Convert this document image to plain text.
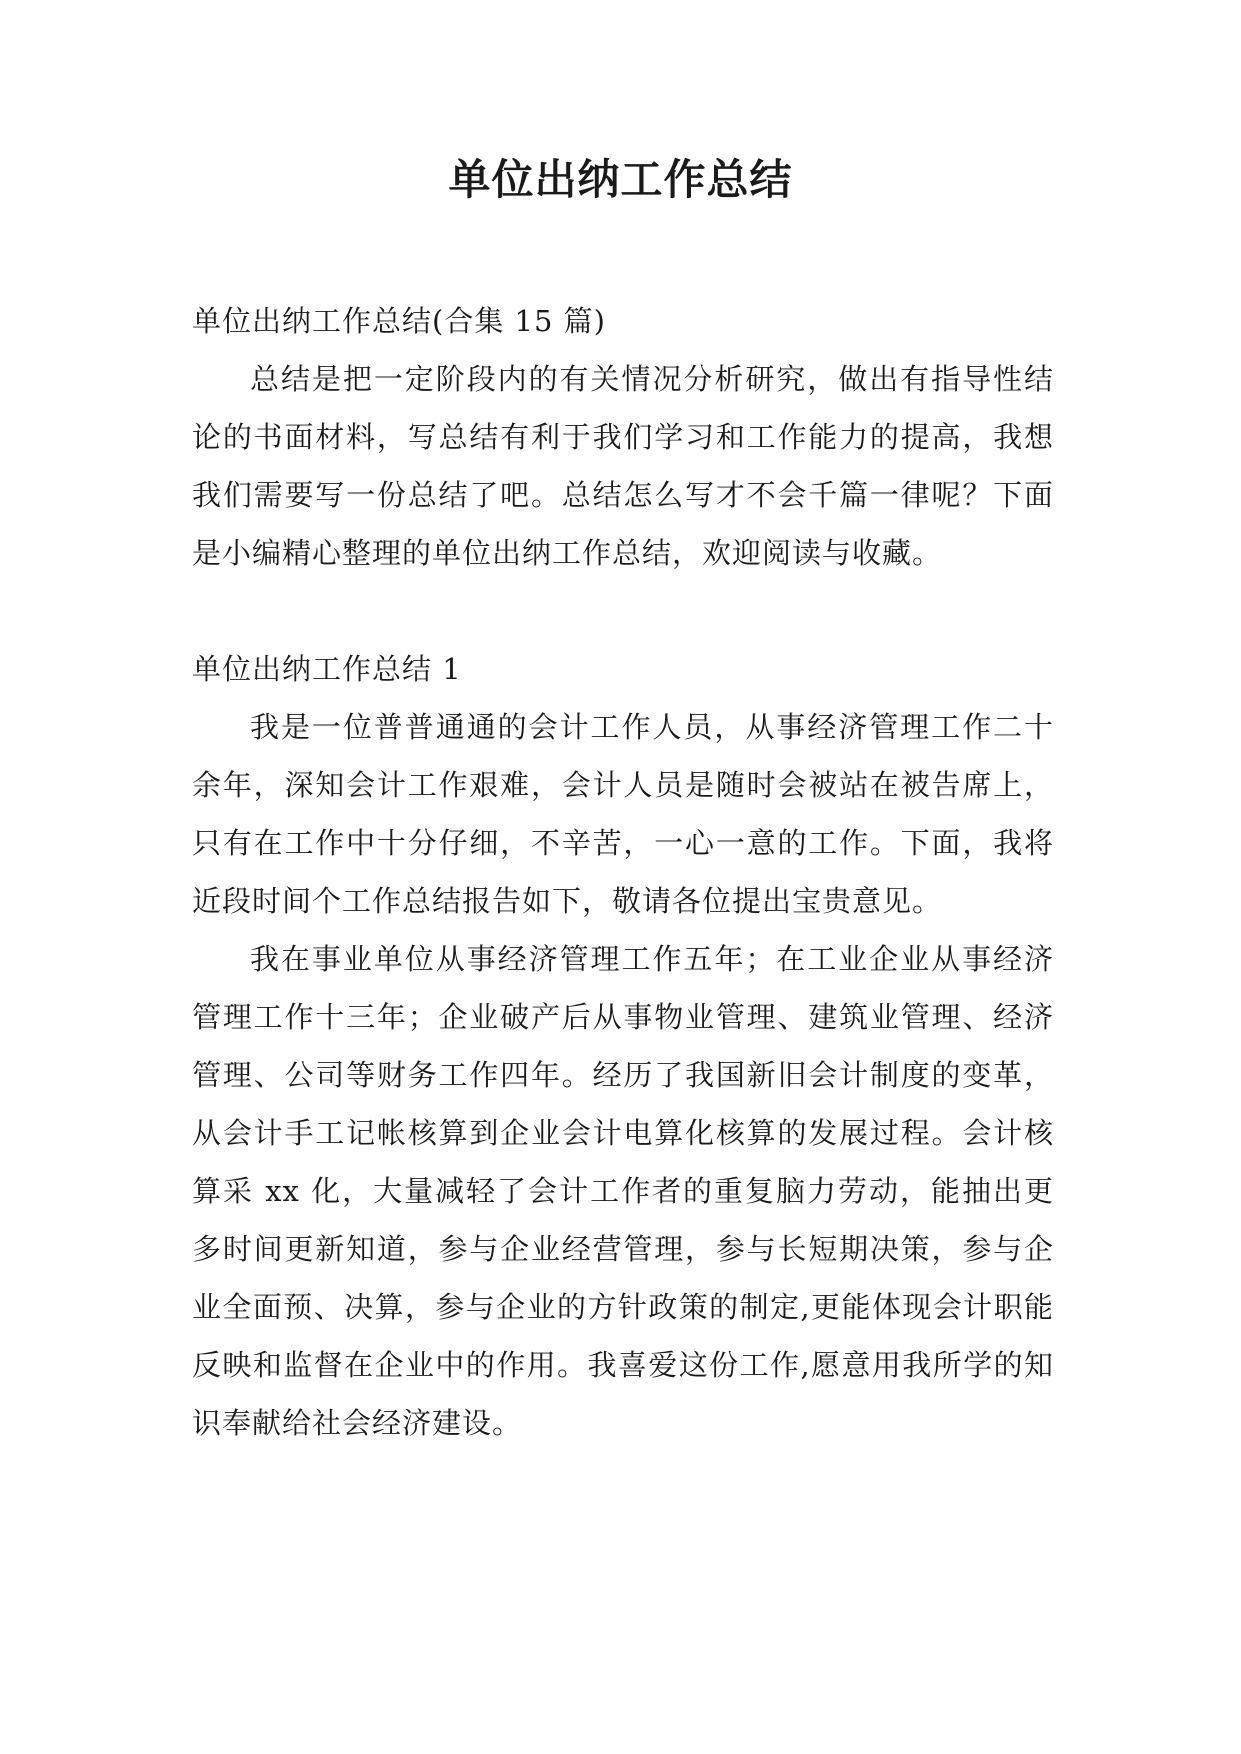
单位出纳工作总结

单位出纳工作总结(合集 15 篇)

总结是把一定阶段内的有关情况分析研究，做出有指导性结论的书面材料，写总结有利于我们学习和工作能力的提高，我想我们需要写一份总结了吧。总结怎么写才不会千篇一律呢？下面是小编精心整理的单位出纳工作总结，欢迎阅读与收藏。

单位出纳工作总结 1

我是一位普普通通的会计工作人员，从事经济管理工作二十余年，深知会计工作艰难，会计人员是随时会被站在被告席上，只有在工作中十分仔细，不辛苦，一心一意的工作。下面，我将近段时间个工作总结报告如下，敬请各位提出宝贵意见。

我在事业单位从事经济管理工作五年；在工业企业从事经济管理工作十三年；企业破产后从事物业管理、建筑业管理、经济管理、公司等财务工作四年。经历了我国新旧会计制度的变革，从会计手工记帐核算到企业会计电算化核算的发展过程。会计核算采 xx 化，大量减轻了会计工作者的重复脑力劳动，能抽出更多时间更新知道，参与企业经营管理，参与长短期决策，参与企业全面预、决算，参与企业的方针政策的制定,更能体现会计职能反映和监督在企业中的作用。我喜爱这份工作,愿意用我所学的知识奉献给社会经济建设。
